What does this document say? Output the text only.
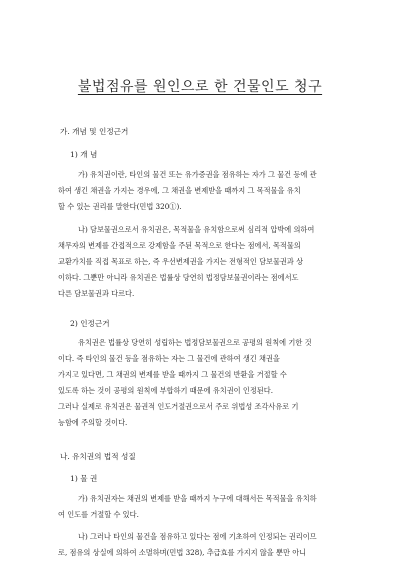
불법점유를 원인으로 한 건물인도 청구
가. 개념 및 인정근거
1) 개 념
가) 유치권이란, 타인의 물건 또는 유가증권을 점유하는 자가 그 물건 등에 관
하여 생긴 채권을 가지는 경우에, 그 채권을 변제받을 때까지 그 목적물을 유치
할 수 있는 권리를 말한다(민법 320①).
나) 담보물권으로서 유치권은, 목적물을 유치함으로써 심리적 압박에 의하여
채무자의 변제를 간접적으로 강제함을 주된 목적으로 한다는 점에서, 목적물의
교환가치를 직접 목표로 하는, 즉 우선변제권을 가지는 전형적인 담보물권과 상
이하다. 그뿐만 아니라 유치권은 법률상 당연히 법정담보물권이라는 점에서도
다른 담보물권과 다르다.
2) 인정근거
유치권은 법률상 당연히 성립하는 법정담보물권으로 공평의 원칙에 기한 것
이다. 즉 타인의 물건 등을 점유하는 자는 그 물건에 관하여 생긴 채권을
가지고 있다면, 그 채권의 변제를 받을 때까지 그 물건의 반환을 거절할 수
있도록 하는 것이 공평의 원칙에 부합하기 때문에 유치권이 인정된다.
그러나 실제로 유치권은 물권적 인도거절권으로서 주로 위법성 조각사유로 기
능함에 주의할 것이다.
나. 유치권의 법적 성질
1) 물 권
가) 유치권자는 채권의 변제를 받을 때까지 누구에 대해서든 목적물을 유치하
여 인도를 거절할 수 있다.
나) 그러나 타인의 물건을 점유하고 있다는 점에 기초하여 인정되는 권리이므
로, 점유의 상실에 의하여 소멸하며(민법 328), 추급효를 가지지 않을 뿐만 아니
